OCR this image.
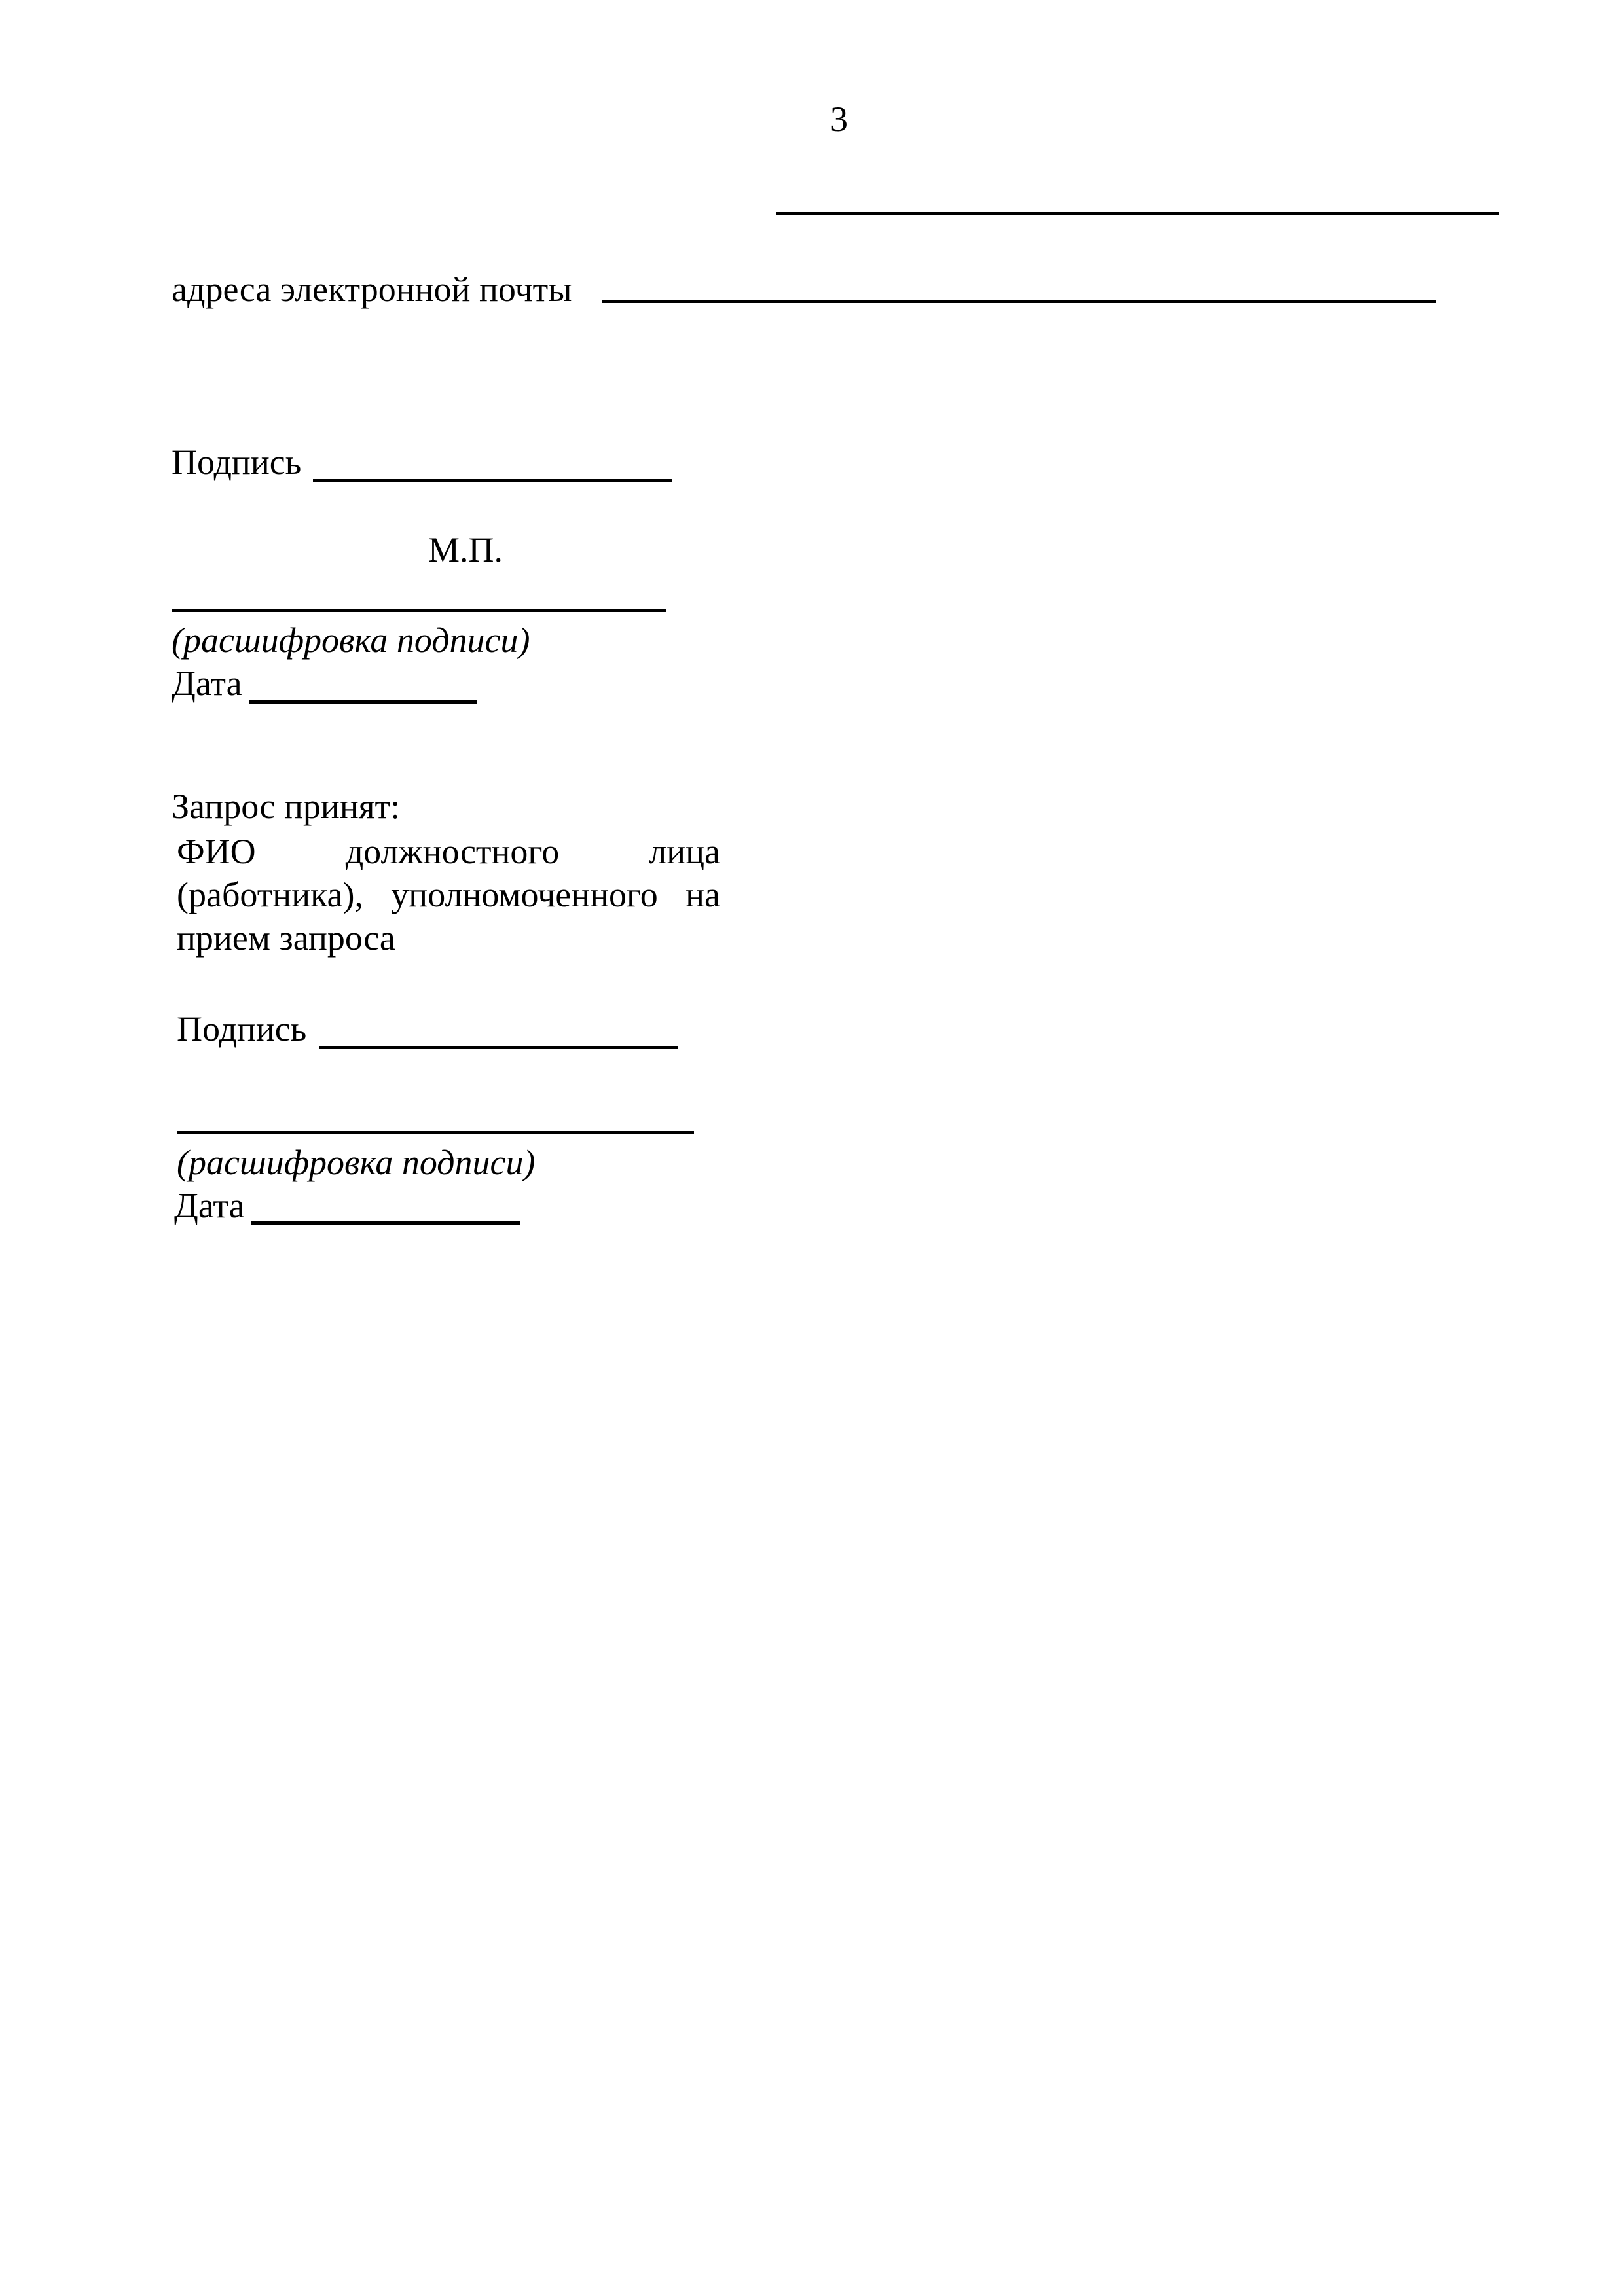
3
адреса электронной почты
Подпись
М.П.
(расшифровка подписи)
Дата
Запрос принят:
ФИО должностного лица (работника), уполномоченного на прием запроса
Подпись
(расшифровка подписи)
Дата
